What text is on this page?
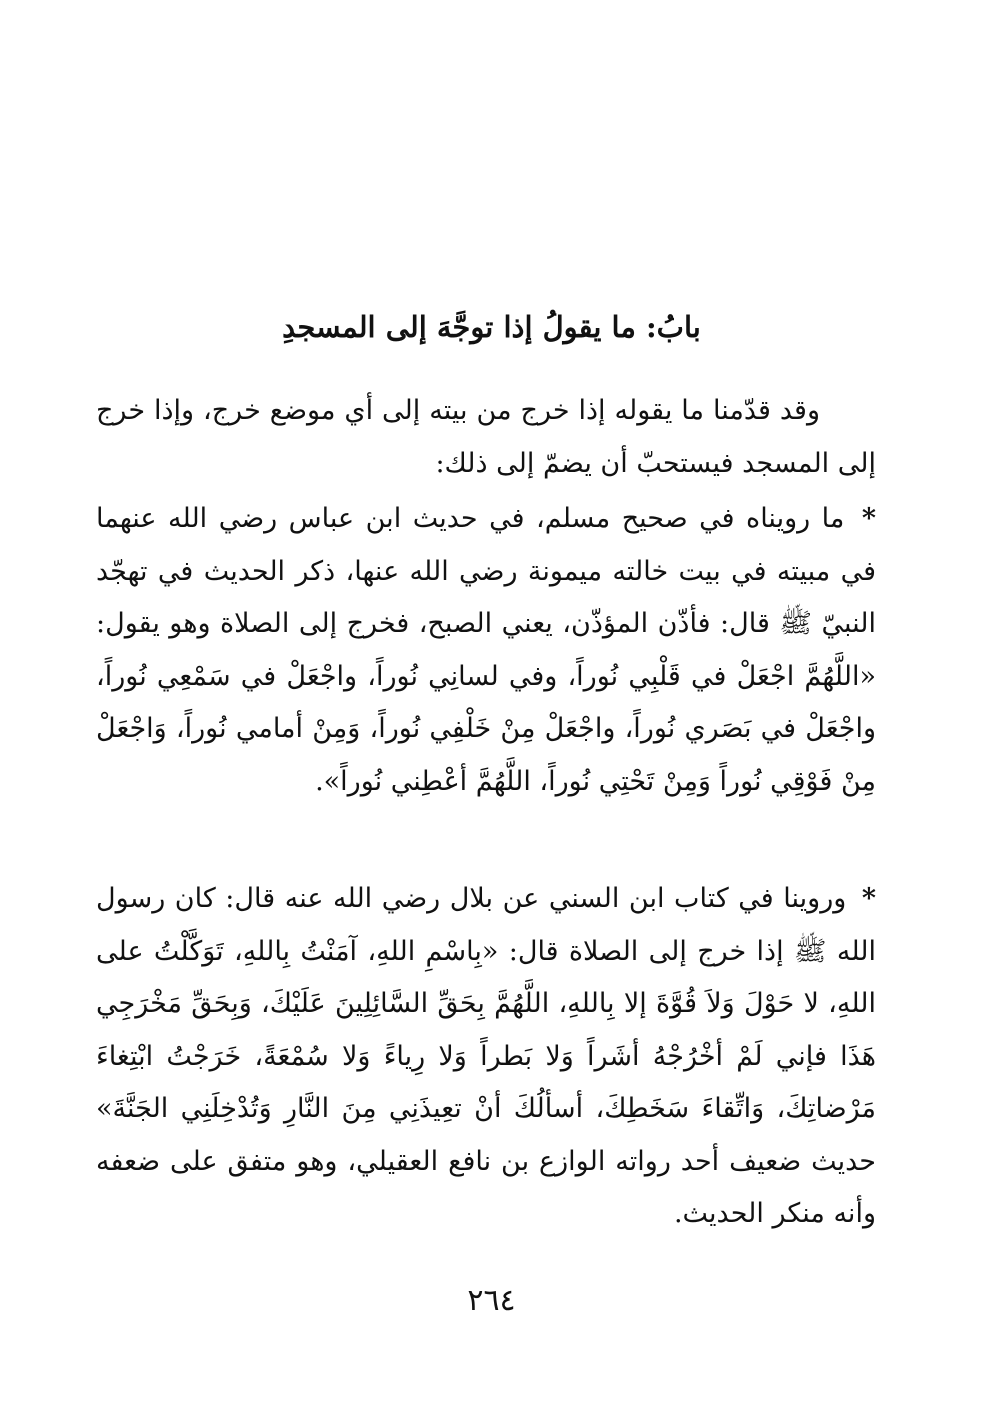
بابُ: ما يقولُ إذا توجَّهَ إلى المسجدِ
وقد قدّمنا ما يقوله إذا خرج من بيته إلى أي موضع خرج، وإذا خرج إلى المسجد فيستحبّ أن يضمّ إلى ذلك:
* ما رويناه في صحيح مسلم، في حديث ابن عباس رضي الله عنهما في مبيته في بيت خالته ميمونة رضي الله عنها، ذكر الحديث في تهجّد النبيّ ﷺ قال: فأذّن المؤذّن، يعني الصبح، فخرج إلى الصلاة وهو يقول: «اللَّهُمَّ اجْعَلْ في قَلْبِي نُوراً، وفي لسانِي نُوراً، واجْعَلْ في سَمْعِي نُوراً، واجْعَلْ في بَصَري نُوراً، واجْعَلْ مِنْ خَلْفِي نُوراً، وَمِنْ أمامي نُوراً، وَاجْعَلْ مِنْ فَوْقِي نُوراً وَمِنْ تَحْتِي نُوراً، اللَّهُمَّ أعْطِني نُوراً».
* وروينا في كتاب ابن السني عن بلال رضي الله عنه قال: كان رسول الله ﷺ إذا خرج إلى الصلاة قال: «بِاسْمِ اللهِ، آمَنْتُ بِاللهِ، تَوَكَّلْتُ على اللهِ، لا حَوْلَ وَلاَ قُوَّةَ إلا بِاللهِ، اللَّهُمَّ بِحَقِّ السَّائِلِينَ عَلَيْكَ، وَبِحَقِّ مَخْرَجِي هَذَا فإني لَمْ أخْرُجْهُ أشَراً وَلا بَطراً وَلا رِياءً وَلا سُمْعَةً، خَرَجْتُ ابْتِغاءَ مَرْضاتِكَ، وَاتِّقاءَ سَخَطِكَ، أسألُكَ أنْ تعِيذَنِي مِنَ النَّارِ وَتُدْخِلَنِي الجَنَّةَ» حديث ضعيف أحد رواته الوازع بن نافع العقيلي، وهو متفق على ضعفه وأنه منكر الحديث.
٢٦٤
